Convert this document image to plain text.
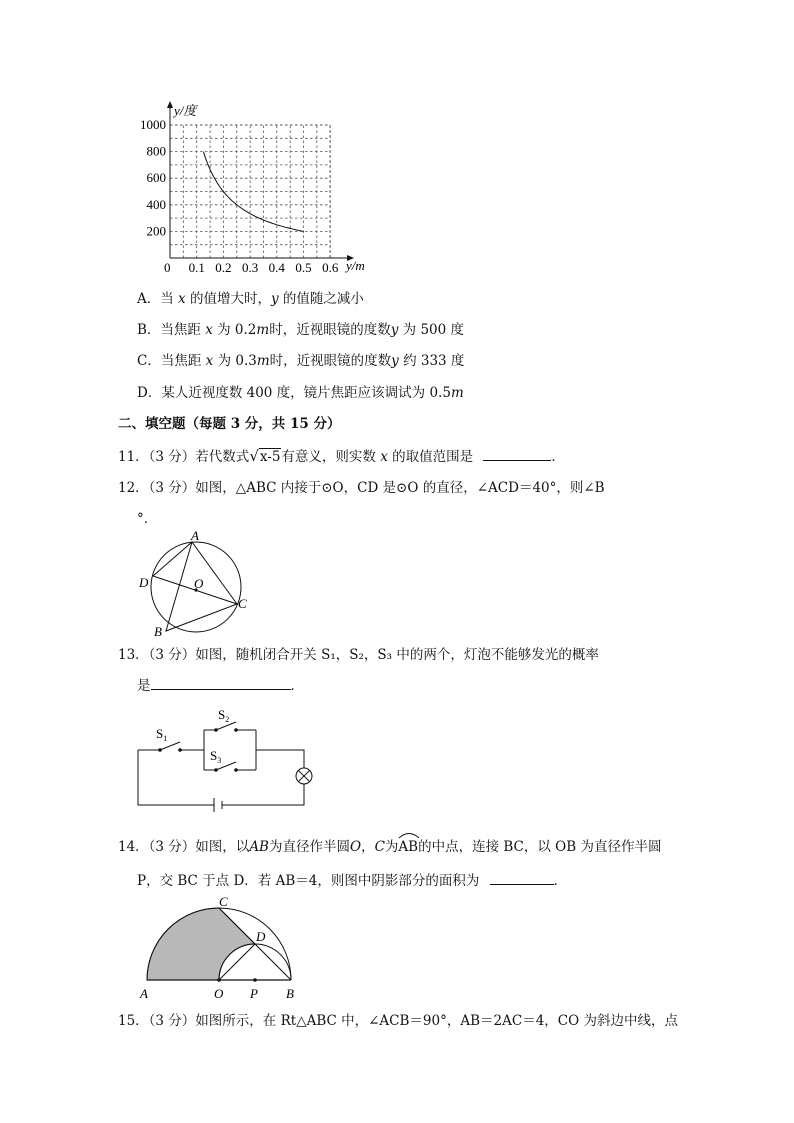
y/度
y/m
0
1000
800
600
400
200
0.1 0.2 0.3 0.4 0.5 0.6
A．当 x 的值增大时，y 的值随之减小
B．当焦距 x 为 0.2m时，近视眼镜的度数y 为 500 度
C．当焦距 x 为 0.3m时，近视眼镜的度数y 约 333 度
D．某人近视度数 400 度，镜片焦距应该调试为 0.5m
二、填空题（每题 3 分，共 15 分）
11．（3 分）若代数式√x-5有意义，则实数 x 的取值范围是	．
12．（3 分）如图，△ABC 内接于⊙O，CD 是⊙O 的直径，∠ACD＝40°，则∠B
°．
A
B
C
D	O
13．（3 分）如图，随机闭合开关 S₁，S₂，S₃ 中的两个，灯泡不能够发光的概率
是	．
$S_1$
$S_2$
$S_3$
14．（3 分）如图，以AB为直径作半圆O，C为
AB的中点，连接 BC，以 OB 为直径作半圆
P，交 BC 于点 D．若 AB＝4，则图中阴影部分的面积为	．
A	O P B
C
D
15．（3 分）如图所示，在 Rt△ABC 中，∠ACB＝90°，AB＝2AC＝4，CO 为斜边中线，点
